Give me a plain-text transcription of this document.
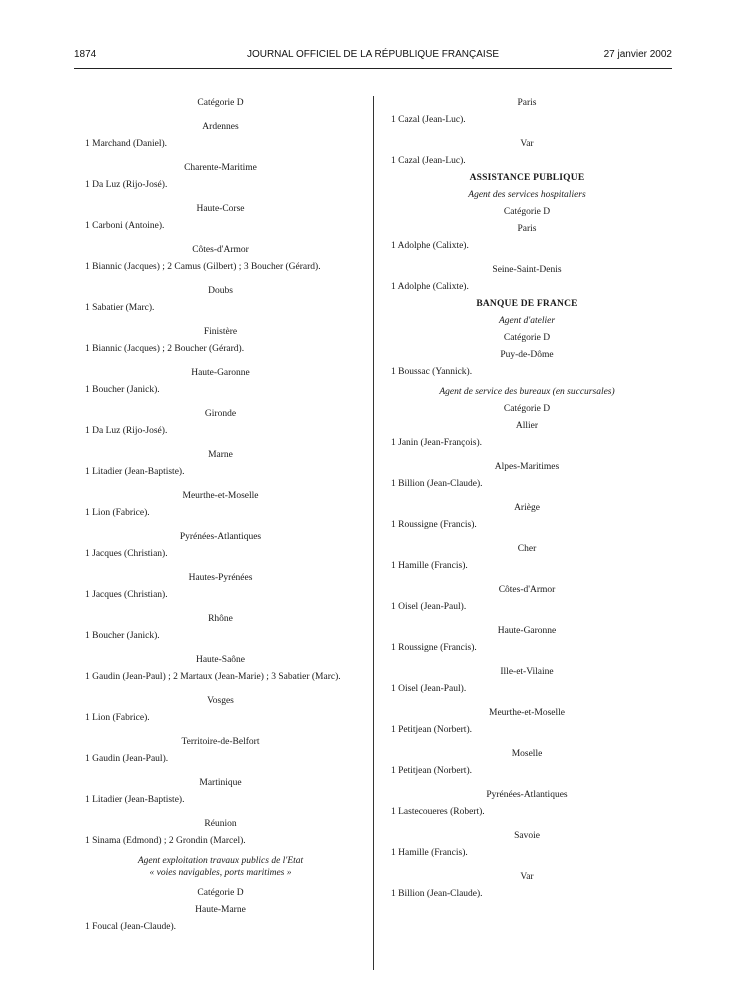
1874	JOURNAL OFFICIEL DE LA RÉPUBLIQUE FRANÇAISE	27 janvier 2002
Catégorie D
Ardennes
1 Marchand (Daniel).
Charente-Maritime
1 Da Luz (Rijo-José).
Haute-Corse
1 Carboni (Antoine).
Côtes-d'Armor
1 Biannic (Jacques) ; 2 Camus (Gilbert) ; 3 Boucher (Gérard).
Doubs
1 Sabatier (Marc).
Finistère
1 Biannic (Jacques) ; 2 Boucher (Gérard).
Haute-Garonne
1 Boucher (Janick).
Gironde
1 Da Luz (Rijo-José).
Marne
1 Litadier (Jean-Baptiste).
Meurthe-et-Moselle
1 Lion (Fabrice).
Pyrénées-Atlantiques
1 Jacques (Christian).
Hautes-Pyrénées
1 Jacques (Christian).
Rhône
1 Boucher (Janick).
Haute-Saône
1 Gaudin (Jean-Paul) ; 2 Martaux (Jean-Marie) ; 3 Sabatier (Marc).
Vosges
1 Lion (Fabrice).
Territoire-de-Belfort
1 Gaudin (Jean-Paul).
Martinique
1 Litadier (Jean-Baptiste).
Réunion
1 Sinama (Edmond) ; 2 Grondin (Marcel).
Agent exploitation travaux publics de l'Etat
« voies navigables, ports maritimes »
Catégorie D
Haute-Marne
1 Foucal (Jean-Claude).
Paris
1 Cazal (Jean-Luc).
Var
1 Cazal (Jean-Luc).
ASSISTANCE PUBLIQUE
Agent des services hospitaliers
Catégorie D
Paris
1 Adolphe (Calixte).
Seine-Saint-Denis
1 Adolphe (Calixte).
BANQUE DE FRANCE
Agent d'atelier
Catégorie D
Puy-de-Dôme
1 Boussac (Yannick).
Agent de service des bureaux (en succursales)
Catégorie D
Allier
1 Janin (Jean-François).
Alpes-Maritimes
1 Billion (Jean-Claude).
Ariège
1 Roussigne (Francis).
Cher
1 Hamille (Francis).
Côtes-d'Armor
1 Oisel (Jean-Paul).
Haute-Garonne
1 Roussigne (Francis).
Ille-et-Vilaine
1 Oisel (Jean-Paul).
Meurthe-et-Moselle
1 Petitjean (Norbert).
Moselle
1 Petitjean (Norbert).
Pyrénées-Atlantiques
1 Lastecoueres (Robert).
Savoie
1 Hamille (Francis).
Var
1 Billion (Jean-Claude).
